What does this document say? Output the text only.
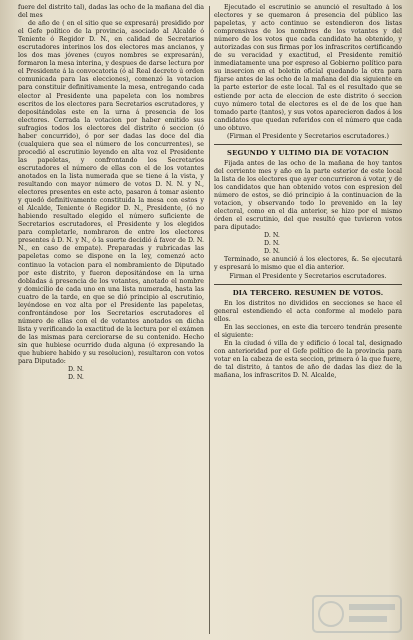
fuere del distrito tal), dadas las ocho de la mañana del dia del mes

de año de ( en el sitio que se expresará) presidido por el Gefe político de la provincia, asociado al Alcalde ó Teniente ó Regidor D. N., en calidad de Secretarios escrutadores interinos los dos electores mas ancianos, y los dos mas jóvenes (cuyos nombres se expresarán), formaron la mesa interina, y despues de darse lectura por el Presidente á la convocatoria (ó al Real decreto ú orden comunicada para las elecciones), comenzó la votacion para constituir definitivamente la mesa, entregando cada elector al Presidente una papeleta con los nombres escritos de los electores para Secretarios escrutadores, y depositándolas este en la urna á presencia de los electores. Cerrada la votacion por haber emitido sus sufragios todos los electores del distrito ó seccion (ó haber concurrido), ó por ser dadas las doce del dia (cualquiera que sea el número de los concurrentes), se procedió al escrutinio leyendo en alta voz el Presidente las papeletas, y confrontando los Secretarios escrutadores el número de ellas con el de los votantes anotados en la lista numerada que se tiene á la vista, y resultando con mayor número de votos D. N. N. y N., electores presentes en este acto, pasaron á tomar asiento y quedó definitivamente constituida la mesa con estos y el Alcalde, Teniente ó Regidor D. N., Presidente, (ó no habiendo resultado elegido el número suficiente de Secretarios escrutadores, el Presidente y los elegidos para completarle, nombraron de entre los electores presentes á D. N. y N., ó la suerte decidió á favor de D. N. N., en caso de empate). Preparadas y rubricadas las papeletas como se dispone en la ley, comenzó acto continuo la votacion para el nombramiento de Diputado por este distrito, y fueron depositándose en la urna dobladas á presencia de los votantes, anotado el nombre y domicilio de cada uno en una lista numerada, hasta las cuatro de la tarde, en que se dió principio al escrutinio, leyéndose en voz alta por el Presidente las papeletas, confrontándose por los Secretarios escrutadores el número de ellas con el de votantes anotados en dicha lista y verificando la exactitud de la lectura por el exámen de las mismas para cerciorarse de su contenido. Hecho sin que hubiese ocurrido duda alguna (ó expresando la que hubiere habido y su resolucion), resultaron con votos para Diputado:

D. N.

D. N.

Ejecutado el escrutinio se anunció el resultado á los electores y se quemaron á presencia del público las papeletas, y acto continuo se estendieron dos listas comprensivas de los nombres de los votantes y del número de los votos que cada candidato ha obtenido, y autorizadas con sus firmas por los infrascritos certificando de su veracidad y exactitud, el Presidente remitió inmediatamente una por espreso al Gobierno político para su insercion en el boletin oficial quedando la otra para fijarse antes de las ocho de la mañana del dia siguiente en la parte esterior de este local. Tal es el resultado que se estiende por acta de eleccion de este distrito ó seccion cuyo número total de electores es el de de los que han tomado parte (tantos), y sus votos aparecieron dados á los candidatos que quedan referidos con el número que cada uno obtuvo.

(Firman el Presidente y Secretarios escrutadores.)

SEGUNDO Y ULTIMO DIA DE VOTACION

Fijada antes de las ocho de la mañana de hoy tantos del corriente mes y año en la parte esterior de este local la lista de los electores que ayer concurrieron á votar, y de los candidatos que han obtenido votos con espresion del número de estos, se dió principio á la continuacion de la votacion, y observando todo lo prevenido en la ley electoral, como en el dia anterior, se hizo por el mismo órden el escrutinio, del que resultó que tuvieron votos para diputado:

D. N.

D. N.

D. N.

Terminado, se anunció á los electores, &. Se ejecutará y espresará lo mismo que el dia anterior.

Firman el Presidente y Secretarios escrutadores.

DIA TERCERO. RESUMEN DE VOTOS.

En los distritos no divididos en secciones se hace el general estendiendo el acta conforme al modelo para ellos.

En las secciones, en este dia tercero tendrán presente el siguiente:

En la ciudad ó villa de y edificio ó local tal, designado con anterioridad por el Gefe político de la provincia para votar en la cabeza de esta seccion, primera ó la que fuere, de tal distrito, á tantos de año de dadas las diez de la mañana, los infrascritos D. N. Alcalde,
